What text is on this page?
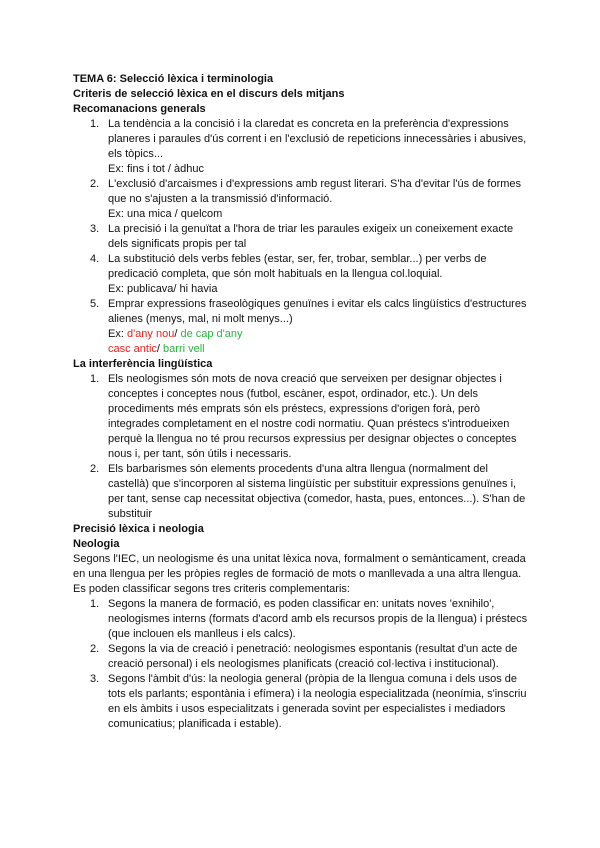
TEMA 6: Selecció lèxica i terminologia

Criteris de selecció lèxica en el discurs dels mitjans

Recomanacions generals

1. La tendència a la concisió i la claredat es concreta en la preferència d'expressions planeres i paraules d'ús corrent i en l'exclusió de repeticions innecessàries i abusives, els tòpics...
Ex: fins i tot / àdhuc
2. L'exclusió d'arcaismes i d'expressions amb regust literari. S'ha d'evitar l'ús de formes que no s'ajusten a la transmissió d'informació.
Ex: una mica / quelcom
3. La precisió i la genuïtat a l'hora de triar les paraules exigeix un coneixement exacte dels significats propis per tal
4. La substitució dels verbs febles (estar, ser, fer, trobar, semblar...) per verbs de predicació completa, que són molt habituals en la llengua col.loquial.
Ex: publicava/ hi havia
5. Emprar expressions fraseològiques genuïnes i evitar els calcs lingüístics d'estructures alienes (menys, mal, ni molt menys...)
Ex: d'any nou/ de cap d'any
casc antic/ barri vell

La interferència lingüística

1. Els neologismes són mots de nova creació que serveixen per designar objectes i conceptes i conceptes nous (futbol, escàner, espot, ordinador, etc.). Un dels procediments més emprats són els préstecs, expressions d'origen forà, però integrades completament en el nostre codi normatiu. Quan préstecs s'introdueixen perquè la llengua no té prou recursos expressius per designar objectes o conceptes nous i, per tant, són útils i necessaris.
2. Els barbarismes són elements procedents d'una altra llengua (normalment del castellà) que s'incorporen al sistema lingüístic per substituir expressions genuïnes i, per tant, sense cap necessitat objectiva (comedor, hasta, pues, entonces...). S'han de substituir

Precisió lèxica i neologia

Neologia

Segons l'IEC, un neologisme és una unitat lèxica nova, formalment o semànticament, creada en una llengua per les pròpies regles de formació de mots o manllevada a una altra llengua.

Es poden classificar segons tres criteris complementaris:

1. Segons la manera de formació, es poden classificar en: unitats noves 'exnihilo', neologismes interns (formats d'acord amb els recursos propis de la llengua) i préstecs (que inclouen els manlleus i els calcs).
2. Segons la via de creació i penetració: neologismes espontanis (resultat d'un acte de creació personal) i els neologismes planificats (creació col·lectiva i institucional).
3. Segons l'àmbit d'ús: la neologia general (pròpia de la llengua comuna i dels usos de tots els parlants; espontània i efímera) i la neologia especialitzada (neonímia, s'inscriu en els àmbits i usos especialitzats i generada sovint per especialistes i mediadors comunicatius; planificada i estable).
